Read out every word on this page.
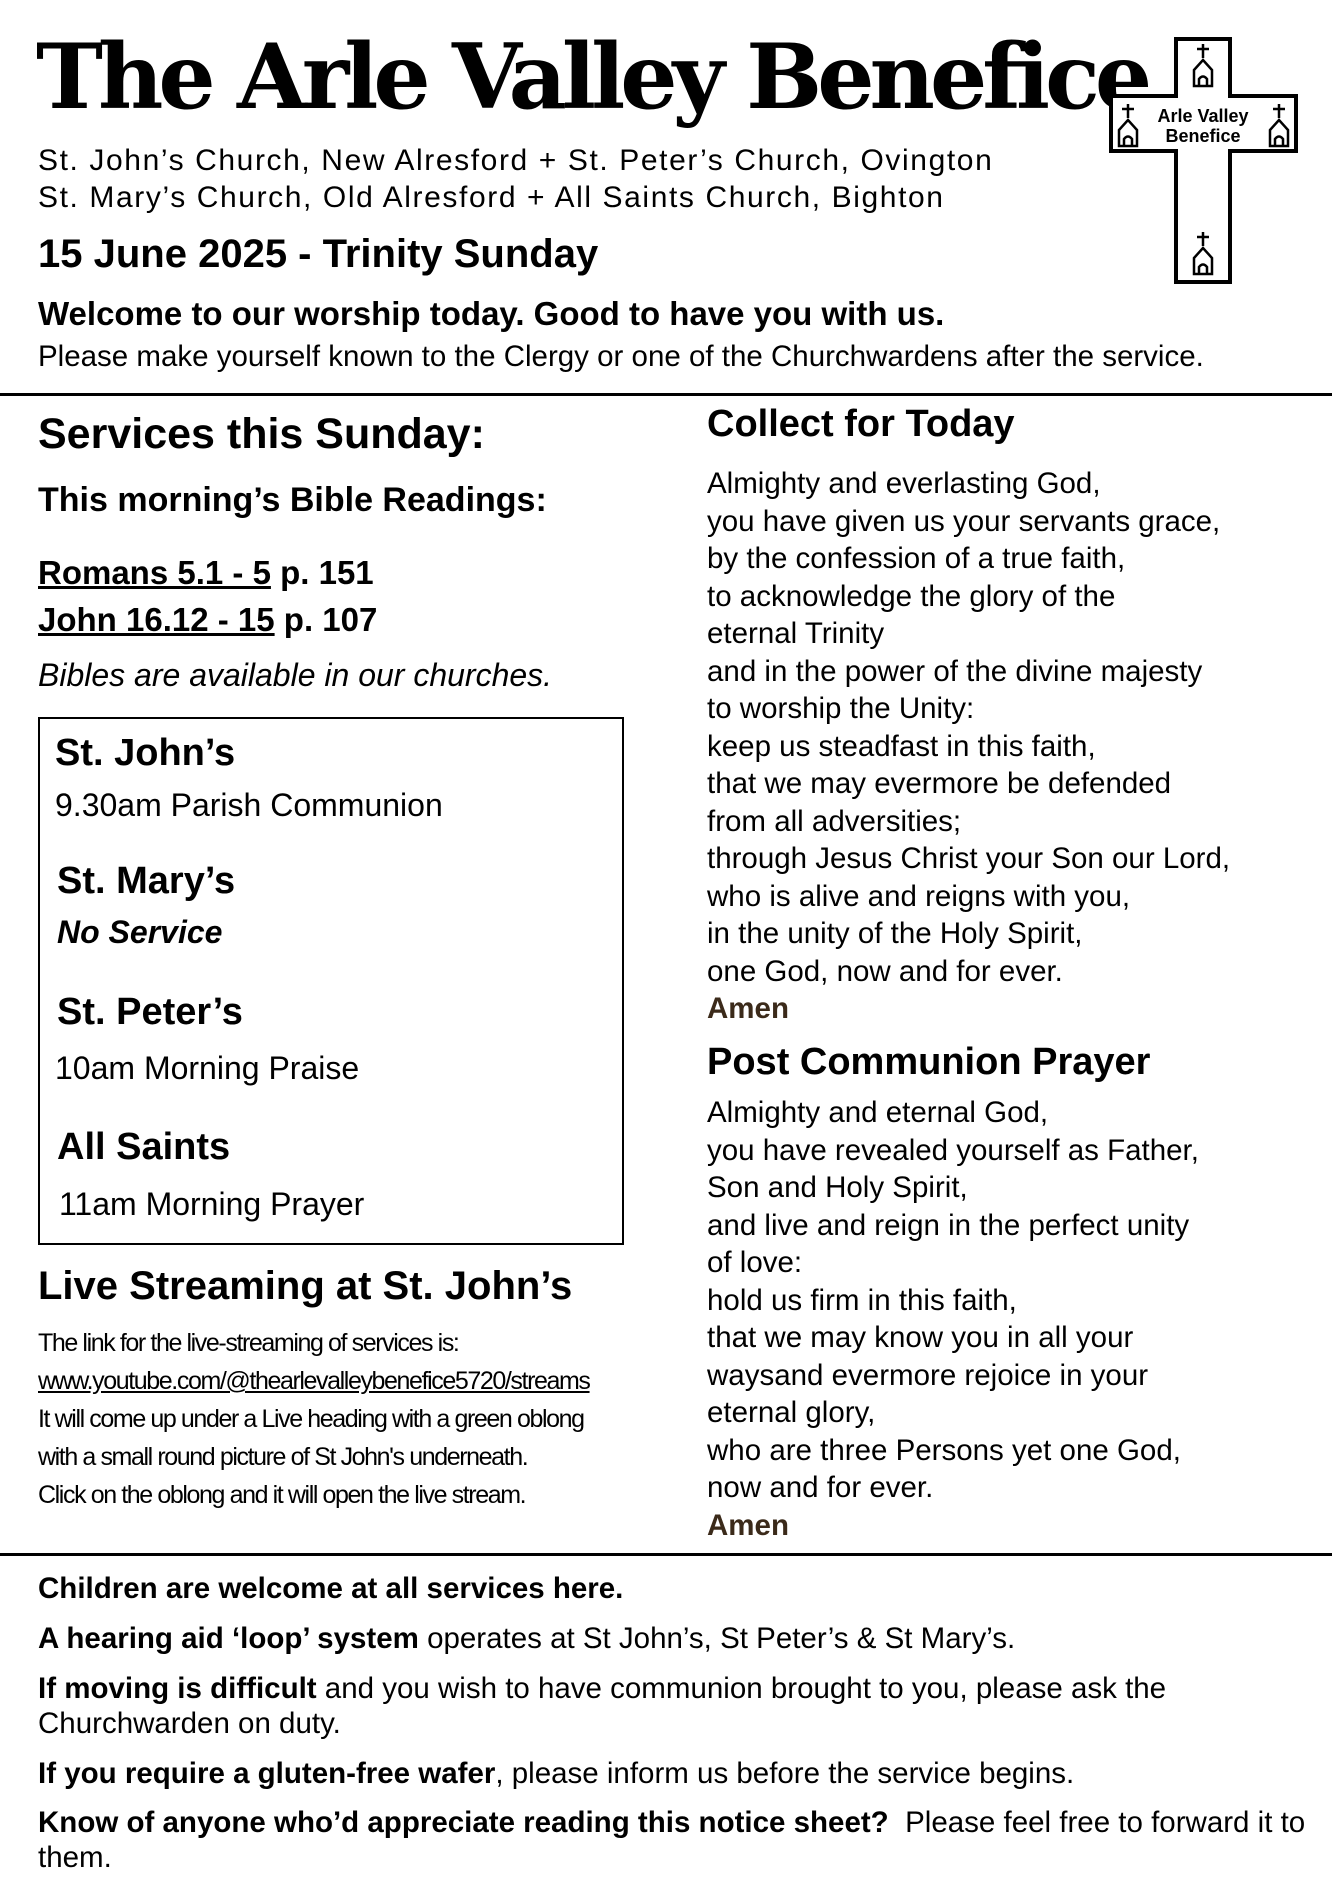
The Arle Valley Benefice
St. John’s Church, New Alresford + St. Peter’s Church, Ovington
St. Mary’s Church, Old Alresford + All Saints Church, Bighton
15 June 2025 - Trinity Sunday
Welcome to our worship today. Good to have you with us.
Please make yourself known to the Clergy or one of the Churchwardens after the service.
Arle Valley
Benefice
Services this Sunday:
This morning’s Bible Readings:
Romans 5.1 - 5 p. 151
John 16.12 - 15 p. 107
Bibles are available in our churches.
St. John’s
9.30am Parish Communion
St. Mary’s
No Service
St. Peter’s
10am Morning Praise
All Saints
11am Morning Prayer
Live Streaming at St. John’s
The link for the live-streaming of services is:
www.youtube.com/@thearlevalleybenefice5720/streams
It will come up under a Live heading with a green oblong
with a small round picture of St John's underneath.
Click on the oblong and it will open the live stream.
Collect for Today
Almighty and everlasting God,
you have given us your servants grace,
by the confession of a true faith,
to acknowledge the glory of the
eternal Trinity
and in the power of the divine majesty
to worship the Unity:
keep us steadfast in this faith,
that we may evermore be defended
from all adversities;
through Jesus Christ your Son our Lord,
who is alive and reigns with you,
in the unity of the Holy Spirit,
one God, now and for ever.
Amen
Post Communion Prayer
Almighty and eternal God,
you have revealed yourself as Father,
Son and Holy Spirit,
and live and reign in the perfect unity
of love:
hold us firm in this faith,
that we may know you in all your
waysand evermore rejoice in your
eternal glory,
who are three Persons yet one God,
now and for ever.
Amen
Children are welcome at all services here.
A hearing aid ‘loop’ system operates at St John’s, St Peter’s & St Mary’s.
If moving is difficult and you wish to have communion brought to you, please ask the Churchwarden on duty.
If you require a gluten-free wafer, please inform us before the service begins.
Know of anyone who’d appreciate reading this notice sheet?  Please feel free to forward it to them.
